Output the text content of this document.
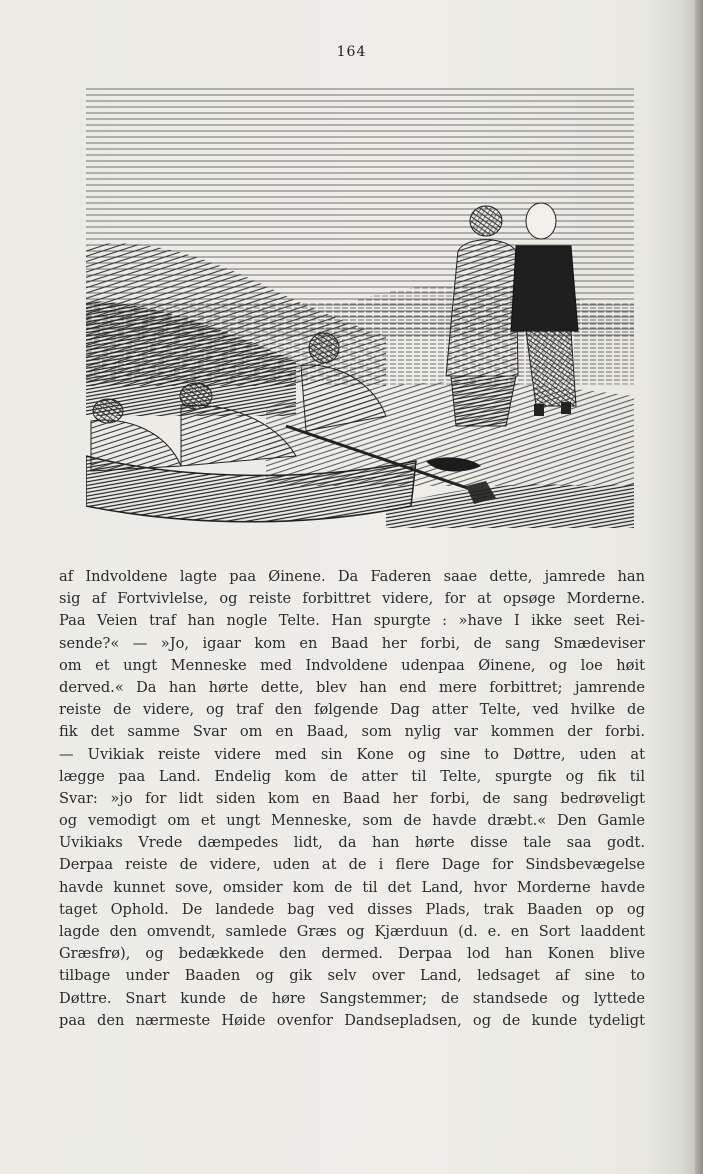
164
af Indvoldene lagte paa Øinene. Da Faderen saae dette, jamrede han
sig af Fortvivlelse, og reiste forbittret videre, for at opsøge Morderne.
Paa Veien traf han nogle Telte. Han spurgte : »have I ikke seet Rei-
sende?« — »Jo, igaar kom en Baad her forbi, de sang Smædeviser
om et ungt Menneske med Indvoldene udenpaa Øinene, og loe høit
derved.« Da han hørte dette, blev han end mere forbittret; jamrende
reiste de videre, og traf den følgende Dag atter Telte, ved hvilke de
fik det samme Svar om en Baad, som nylig var kommen der forbi.
— Uvikiak reiste videre med sin Kone og sine to Døttre, uden at
lægge paa Land. Endelig kom de atter til Telte, spurgte og fik til
Svar: »jo for lidt siden kom en Baad her forbi, de sang bedrøveligt
og vemodigt om et ungt Menneske, som de havde dræbt.« Den Gamle
Uvikiaks Vrede dæmpedes lidt, da han hørte disse tale saa godt.
Derpaa reiste de videre, uden at de i flere Dage for Sindsbevægelse
havde kunnet sove, omsider kom de til det Land, hvor Morderne havde
taget Ophold. De landede bag ved disses Plads, trak Baaden op og
lagde den omvendt, samlede Græs og Kjærduun (d. e. en Sort laaddent
Græsfrø), og bedækkede den dermed. Derpaa lod han Konen blive
tilbage under Baaden og gik selv over Land, ledsaget af sine to
Døttre. Snart kunde de høre Sangstemmer; de standsede og lyttede
paa den nærmeste Høide ovenfor Dandsepladsen, og de kunde tydeligt
